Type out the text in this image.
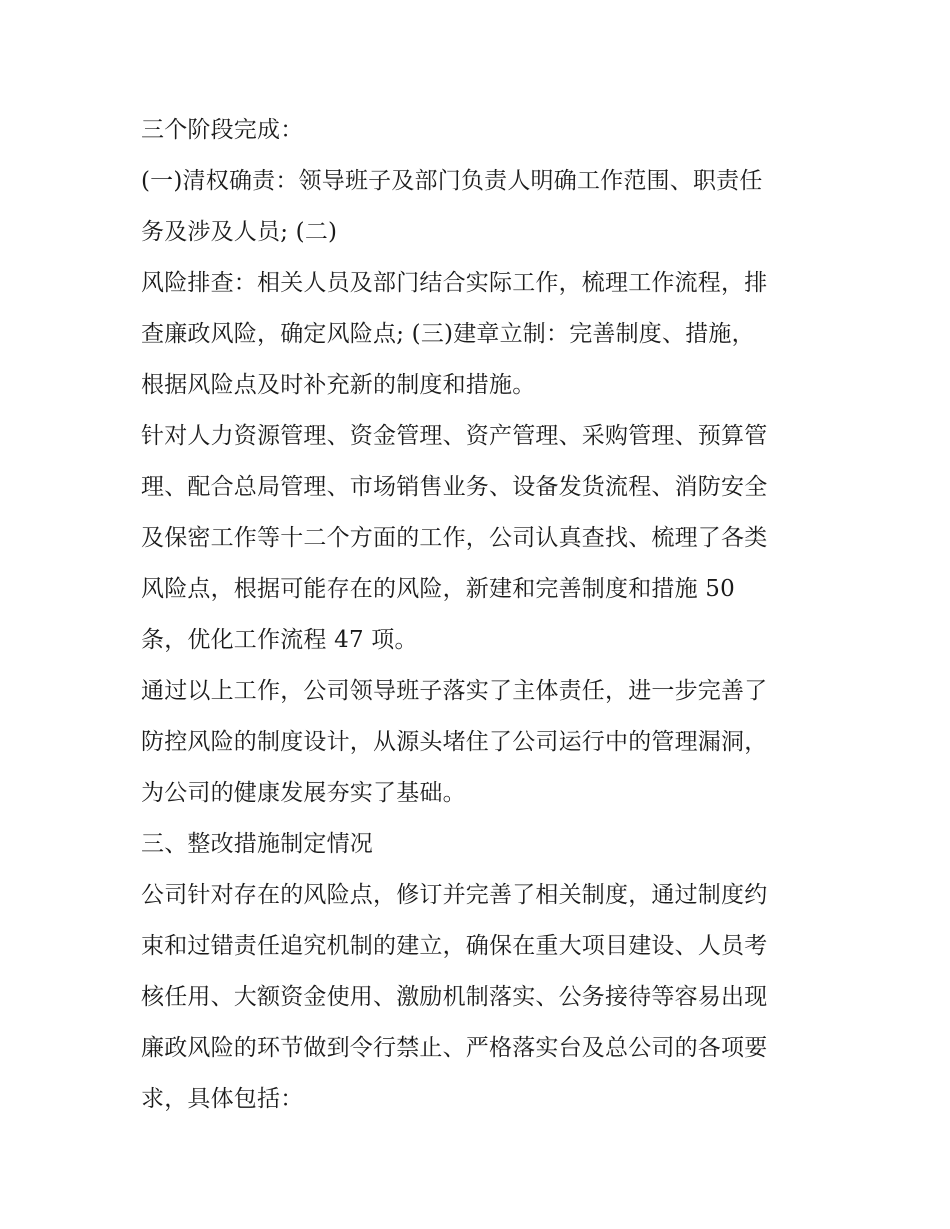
三个阶段完成：
(一)清权确责：领导班子及部门负责人明确工作范围、职责任
务及涉及人员; (二)
风险排查：相关人员及部门结合实际工作，梳理工作流程，排
查廉政风险，确定风险点; (三)建章立制：完善制度、措施，
根据风险点及时补充新的制度和措施。
针对人力资源管理、资金管理、资产管理、采购管理、预算管
理、配合总局管理、市场销售业务、设备发货流程、消防安全
及保密工作等十二个方面的工作，公司认真查找、梳理了各类
风险点，根据可能存在的风险，新建和完善制度和措施 50
条，优化工作流程 47 项。
通过以上工作，公司领导班子落实了主体责任，进一步完善了
防控风险的制度设计，从源头堵住了公司运行中的管理漏洞，
为公司的健康发展夯实了基础。
三、整改措施制定情况
公司针对存在的风险点，修订并完善了相关制度，通过制度约
束和过错责任追究机制的建立，确保在重大项目建设、人员考
核任用、大额资金使用、激励机制落实、公务接待等容易出现
廉政风险的环节做到令行禁止、严格落实台及总公司的各项要
求，具体包括：
